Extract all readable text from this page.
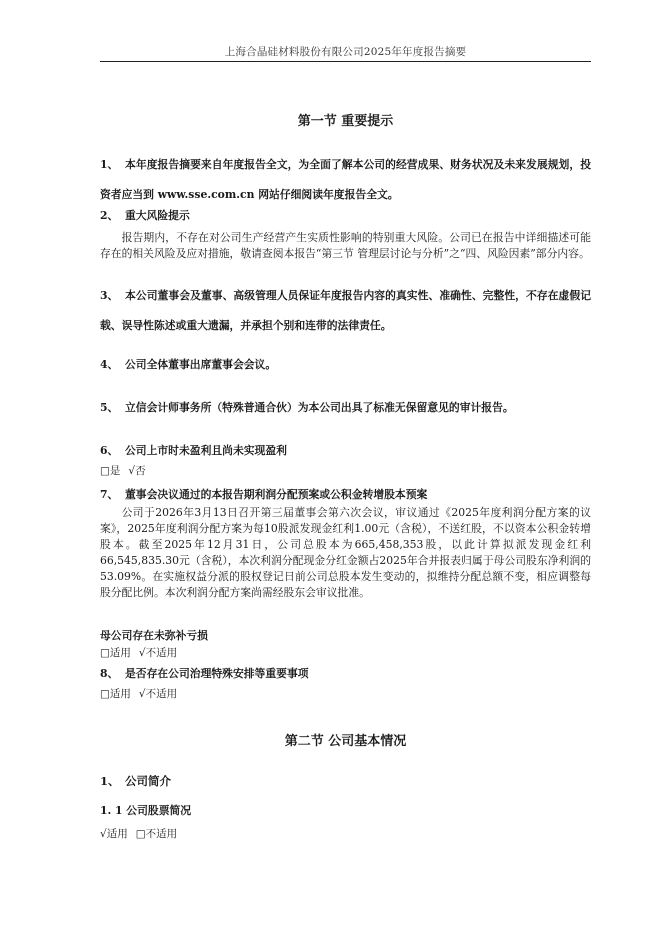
上海合晶硅材料股份有限公司2025年年度报告摘要
第一节 重要提示
1、 本年度报告摘要来自年度报告全文，为全面了解本公司的经营成果、财务状况及未来发展规划，投资者应当到 www.sse.com.cn 网站仔细阅读年度报告全文。
2、 重大风险提示
报告期内，不存在对公司生产经营产生实质性影响的特别重大风险。公司已在报告中详细描述可能存在的相关风险及应对措施，敬请查阅本报告“第三节 管理层讨论与分析”之“四、风险因素”部分内容。
3、 本公司董事会及董事、高级管理人员保证年度报告内容的真实性、准确性、完整性，不存在虚假记载、误导性陈述或重大遗漏，并承担个别和连带的法律责任。
4、 公司全体董事出席董事会会议。
5、 立信会计师事务所（特殊普通合伙）为本公司出具了标准无保留意见的审计报告。
6、 公司上市时未盈利且尚未实现盈利
□是 √否
7、 董事会决议通过的本报告期利润分配预案或公积金转增股本预案
公司于2026年3月13日召开第三届董事会第六次会议，审议通过《2025年度利润分配方案的议案》，2025年度利润分配方案为每10股派发现金红利1.00元（含税），不送红股，不以资本公积金转增股本。截至2025年12月31日，公司总股本为665,458,353股，以此计算拟派发现金红利66,545,835.30元（含税），本次利润分配现金分红金额占2025年合并报表归属于母公司股东净利润的53.09%。在实施权益分派的股权登记日前公司总股本发生变动的，拟维持分配总额不变，相应调整每股分配比例。本次利润分配方案尚需经股东会审议批准。
母公司存在未弥补亏损
□适用 √不适用
8、 是否存在公司治理特殊安排等重要事项
□适用 √不适用
第二节 公司基本情况
1、 公司简介
1. 1 公司股票简况
√适用 □不适用
